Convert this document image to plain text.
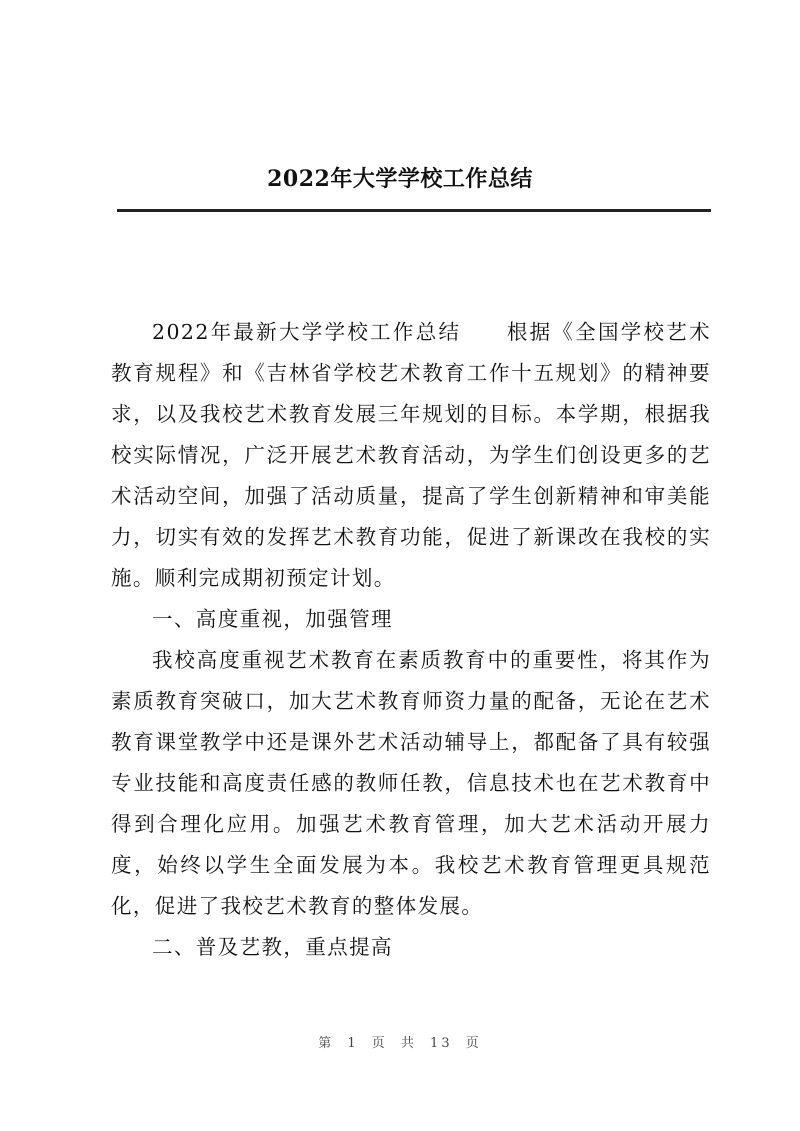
2022年大学学校工作总结

2022年最新大学学校工作总结　　根据《全国学校艺术教育规程》和《吉林省学校艺术教育工作十五规划》的精神要求，以及我校艺术教育发展三年规划的目标。本学期，根据我校实际情况，广泛开展艺术教育活动，为学生们创设更多的艺术活动空间，加强了活动质量，提高了学生创新精神和审美能力，切实有效的发挥艺术教育功能，促进了新课改在我校的实施。顺利完成期初预定计划。

一、高度重视，加强管理

我校高度重视艺术教育在素质教育中的重要性，将其作为素质教育突破口，加大艺术教育师资力量的配备，无论在艺术教育课堂教学中还是课外艺术活动辅导上，都配备了具有较强专业技能和高度责任感的教师任教，信息技术也在艺术教育中得到合理化应用。加强艺术教育管理，加大艺术活动开展力度，始终以学生全面发展为本。我校艺术教育管理更具规范化，促进了我校艺术教育的整体发展。

二、普及艺教，重点提高

第 1 页 共 13 页
